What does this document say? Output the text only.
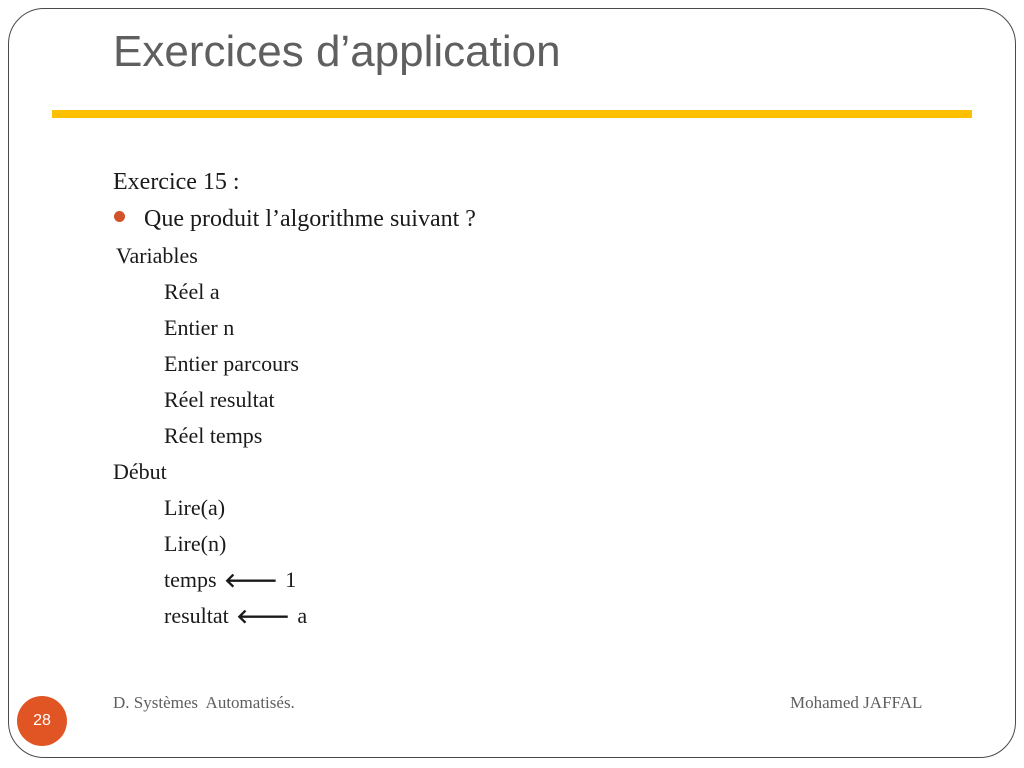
Exercices d’application
Exercice 15 :
Que produit l’algorithme suivant ?
Variables
Réel a
Entier n
Entier parcours
Réel resultat
Réel temps
Début
Lire(a)
Lire(n)
temps 🡐 1
resultat 🡐 a
D. Systèmes  Automatisés.	Mohamed JAFFAL
28
